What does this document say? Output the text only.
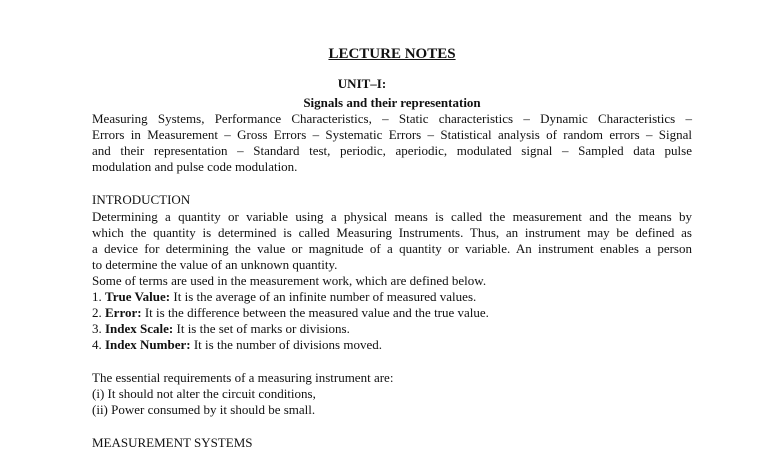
LECTURE NOTES

UNIT–I:

Signals and their representation

Measuring Systems, Performance Characteristics, – Static characteristics – Dynamic Characteristics –

Errors in Measurement – Gross Errors – Systematic Errors – Statistical analysis of random errors – Signal

and their representation – Standard test, periodic, aperiodic, modulated signal – Sampled data pulse

modulation and pulse code modulation.

INTRODUCTION

Determining a quantity or variable using a physical means is called the measurement and the means by

which the quantity is determined is called Measuring Instruments. Thus, an instrument may be defined as

a device for determining the value or magnitude of a quantity or variable. An instrument enables a person

to determine the value of an unknown quantity.

Some of terms are used in the measurement work, which are defined below.

1. True Value: It is the average of an infinite number of measured values.

2. Error: It is the difference between the measured value and the true value.

3. Index Scale: It is the set of marks or divisions.

4. Index Number: It is the number of divisions moved.

The essential requirements of a measuring instrument are:

(i) It should not alter the circuit conditions,

(ii) Power consumed by it should be small.

MEASUREMENT SYSTEMS
